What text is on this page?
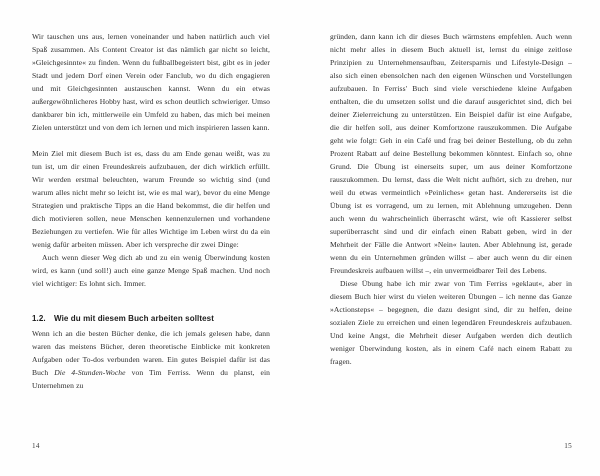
Wir tauschen uns aus, lernen voneinander und haben natürlich auch viel Spaß zusammen. Als Content Creator ist das nämlich gar nicht so leicht, »Gleichgesinnte« zu finden. Wenn du fußballbegeistert bist, gibt es in jeder Stadt und jedem Dorf einen Verein oder Fanclub, wo du dich engagieren und mit Gleichgesinnten austauschen kannst. Wenn du ein etwas außergewöhnlicheres Hobby hast, wird es schon deutlich schwieriger. Umso dankbarer bin ich, mittlerweile ein Umfeld zu haben, das mich bei meinen Zielen unterstützt und von dem ich lernen und mich inspirieren lassen kann.

Mein Ziel mit diesem Buch ist es, dass du am Ende genau weißt, was zu tun ist, um dir einen Freundeskreis aufzubauen, der dich wirklich erfüllt. Wir werden erstmal beleuchten, warum Freunde so wichtig sind (und warum alles nicht mehr so leicht ist, wie es mal war), bevor du eine Menge Strategien und praktische Tipps an die Hand bekommst, die dir helfen und dich motivieren sollen, neue Menschen kennenzulernen und vorhandene Beziehungen zu vertiefen. Wie für alles Wichtige im Leben wirst du da ein wenig dafür arbeiten müssen. Aber ich verspreche dir zwei Dinge:

Auch wenn dieser Weg dich ab und zu ein wenig Überwindung kosten wird, es kann (und soll!) auch eine ganze Menge Spaß machen. Und noch viel wichtiger: Es lohnt sich. Immer.

1.2. Wie du mit diesem Buch arbeiten solltest

Wenn ich an die besten Bücher denke, die ich jemals gelesen habe, dann waren das meistens Bücher, deren theoretische Einblicke mit konkreten Aufgaben oder To-dos verbunden waren. Ein gutes Beispiel dafür ist das Buch Die 4-Stunden-Woche von Tim Ferriss. Wenn du planst, ein Unternehmen zu

14

gründen, dann kann ich dir dieses Buch wärmstens empfehlen. Auch wenn nicht mehr alles in diesem Buch aktuell ist, lernst du einige zeitlose Prinzipien zu Unternehmensaufbau, Zeitersparnis und Lifestyle-Design – also sich einen ebensolchen nach den eigenen Wünschen und Vorstellungen aufzubauen. In Ferriss' Buch sind viele verschiedene kleine Aufgaben enthalten, die du umsetzen sollst und die darauf ausgerichtet sind, dich bei deiner Zielerreichung zu unterstützen. Ein Beispiel dafür ist eine Aufgabe, die dir helfen soll, aus deiner Komfortzone rauszukommen. Die Aufgabe geht wie folgt: Geh in ein Café und frag bei deiner Bestellung, ob du zehn Prozent Rabatt auf deine Bestellung bekommen könntest. Einfach so, ohne Grund. Die Übung ist einerseits super, um aus deiner Komfortzone rauszukommen. Du lernst, dass die Welt nicht aufhört, sich zu drehen, nur weil du etwas vermeintlich »Peinliches« getan hast. Andererseits ist die Übung ist es vorragend, um zu lernen, mit Ablehnung umzugehen. Denn auch wenn du wahrscheinlich überrascht wärst, wie oft Kassierer selbst superüberrascht sind und dir einfach einen Rabatt geben, wird in der Mehrheit der Fälle die Antwort »Nein« lauten. Aber Ablehnung ist, gerade wenn du ein Unternehmen gründen willst – aber auch wenn du dir einen Freundeskreis aufbauen willst –, ein unvermeidbarer Teil des Lebens.

Diese Übung habe ich mir zwar von Tim Ferriss »geklaut«, aber in diesem Buch hier wirst du vielen weiteren Übungen – ich nenne das Ganze »Actionsteps« – begegnen, die dazu designt sind, dir zu helfen, deine sozialen Ziele zu erreichen und einen legendären Freundeskreis aufzubauen. Und keine Angst, die Mehrheit dieser Aufgaben werden dich deutlich weniger Überwindung kosten, als in einem Café nach einem Rabatt zu fragen.

15
